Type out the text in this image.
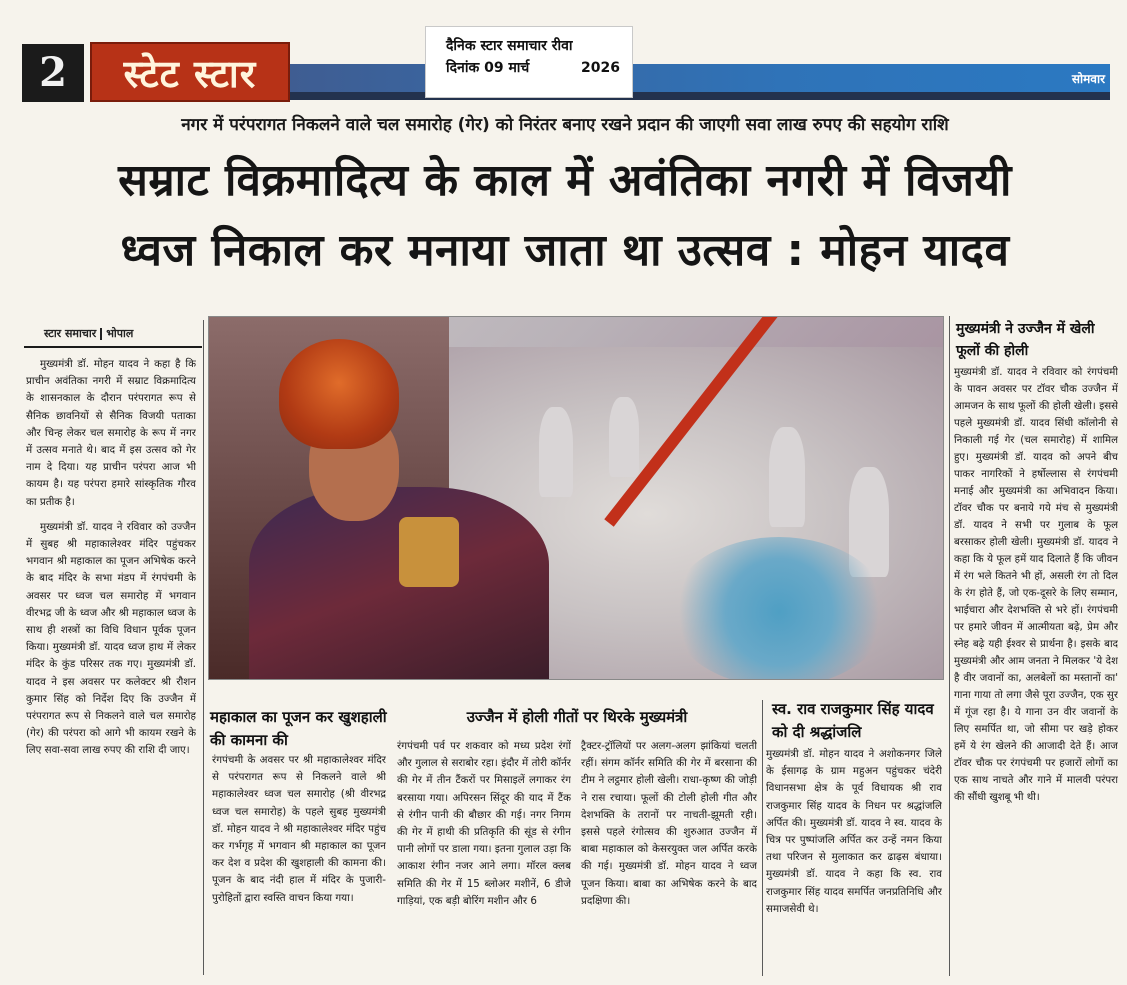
2	स्टेट स्टार	सोमवार
दैनिक स्टार समाचार रीवा
दिनांक 09 मार्च	2026
नगर में परंपरागत निकलने वाले चल समारोह (गेर) को निरंतर बनाए रखने प्रदान की जाएगी सवा लाख रुपए की सहयोग राशि
सम्राट विक्रमादित्य के काल में अवंतिका नगरी में विजयी
ध्वज निकाल कर मनाया जाता था उत्सव : मोहन यादव
स्टार समाचार भोपाल

मुख्यमंत्री डॉ. मोहन यादव ने कहा है कि प्राचीन अवंतिका नगरी में सम्राट विक्रमादित्य के शासनकाल के दौरान परंपरागत रूप से सैनिक छावनियों से सैनिक विजयी पताका और चिन्ह लेकर चल समारोह के रूप में नगर में उत्सव मनाते थे। बाद में इस उत्सव को गेर नाम दे दिया। यह प्राचीन परंपरा आज भी कायम है। यह परंपरा हमारे सांस्कृतिक गौरव का प्रतीक है।

मुख्यमंत्री डॉ. यादव ने रविवार को उज्जैन में सुबह श्री महाकालेश्वर मंदिर पहुंचकर भगवान श्री महाकाल का पूजन अभिषेक करने के बाद मंदिर के सभा मंडप में रंगपंचमी के अवसर पर ध्वज चल समारोह में भगवान वीरभद्र जी के ध्वज और श्री महाकाल ध्वज के साथ ही शस्त्रों का विधि विधान पूर्वक पूजन किया। मुख्यमंत्री डॉ. यादव ध्वज हाथ में लेकर मंदिर के कुंड परिसर तक गए। मुख्यमंत्री डॉ. यादव ने इस अवसर पर कलेक्टर श्री रौशन कुमार सिंह को निर्देश दिए कि उज्जैन में परंपरागत रूप से निकलने वाले चल समारोह (गेर) की परंपरा को आगे भी कायम रखने के लिए सवा-सवा लाख रुपए की राशि दी जाए।

मुख्यमंत्री ने उज्जैन में खेली फूलों की होली

मुख्यमंत्री डॉ. यादव ने रविवार को रंगपंचमी के पावन अवसर पर टॉवर चौक उज्जैन में आमजन के साथ फूलों की होली खेली। इससे पहले मुख्यमंत्री डॉ. यादव सिंधी कॉलोनी से निकाली गई गेर (चल समारोह) में शामिल हुए। मुख्यमंत्री डॉ. यादव को अपने बीच पाकर नागरिकों ने हर्षोल्लास से रंगपंचमी मनाई और मुख्यमंत्री का अभिवादन किया। टॉवर चौक पर बनाये गये मंच से मुख्यमंत्री डॉ. यादव ने सभी पर गुलाब के फूल बरसाकर होली खेली। मुख्यमंत्री डॉ. यादव ने कहा कि ये फूल हमें याद दिलाते हैं कि जीवन में रंग भले कितने भी हों, असली रंग तो दिल के रंग होते हैं, जो एक-दूसरे के लिए सम्मान, भाईचारा और देशभक्ति से भरे हों। रंगपंचमी पर हमारे जीवन में आत्मीयता बढ़े, प्रेम और स्नेह बढ़े यही ईश्वर से प्रार्थना है। इसके बाद मुख्यमंत्री और आम जनता ने मिलकर 'ये देश है वीर जवानों का, अलबेलों का मस्तानों का' गाना गाया तो लगा जैसे पूरा उज्जैन, एक सुर में गूंज रहा है। ये गाना उन वीर जवानों के लिए समर्पित था, जो सीमा पर खड़े होकर हमें ये रंग खेलने की आजादी देते हैं। आज टॉवर चौक पर रंगपंचमी पर हजारों लोगों का एक साथ नाचते और गाने में मालवी परंपरा की सौंधी खुशबू भी थी।

महाकाल का पूजन कर खुशहाली की कामना की
उज्जैन में होली गीतों पर थिरके मुख्यमंत्री	स्व. राव राजकुमार सिंह यादव को दी श्रद्धांजलि

रंगपंचमी के अवसर पर श्री महाकालेश्वर मंदिर से परंपरागत रूप से निकलने वाले श्री महाकालेश्वर ध्वज चल समारोह (श्री वीरभद्र ध्वज चल समारोह) के पहले सुबह मुख्यमंत्री डॉ. मोहन यादव ने श्री महाकालेश्वर मंदिर पहुंच कर गर्भगृह में भगवान श्री महाकाल का पूजन कर देश व प्रदेश की खुशहाली की कामना की। पूजन के बाद नंदी हाल में मंदिर के पुजारी-पुरोहितों द्वारा स्वस्ति वाचन किया गया।

रंगपंचमी पर्व पर शकवार को मध्य प्रदेश रंगों और गुलाल से सराबोर रहा। इंदौर में तोरी कॉर्नर की गेर में तीन टैंकरों पर मिसाइलें लगाकर रंग बरसाया गया। अपिरसन सिंदूर की याद में टैंक से रंगीन पानी की बौछार की गई। नगर निगम की गेर में हाथी की प्रतिकृति की सूंड से रंगीन पानी लोगों पर डाला गया। इतना गुलाल उड़ा कि आकाश रंगीन नजर आने लगा। मॉरल क्लब समिति की गेर में 15 ब्लोअर मशीनें, 6 डीजे गाड़ियां, एक बड़ी बोरिंग मशीन और 6

ट्रैक्टर-ट्रॉलियों पर अलग-अलग झांकियां चलती रहीं। संगम कॉर्नर समिति की गेर में बरसाना की टीम ने लट्ठमार होली खेली। राधा-कृष्ण की जोड़ी ने रास रचाया। फूलों की टोली होली गीत और देशभक्ति के तरानों पर नाचती-झूमती रही। इससे पहले रंगोत्सव की शुरुआत उज्जैन में बाबा महाकाल को केसरयुक्त जल अर्पित करके की गई। मुख्यमंत्री डॉ. मोहन यादव ने ध्वज पूजन किया। बाबा का अभिषेक करने के बाद प्रदक्षिणा की।

मुख्यमंत्री डॉ. मोहन यादव ने अशोकनगर जिले के ईसागढ़ के ग्राम महुअन पहुंचकर चंदेरी विधानसभा क्षेत्र के पूर्व विधायक श्री राव राजकुमार सिंह यादव के निधन पर श्रद्धांजलि अर्पित की। मुख्यमंत्री डॉ. यादव ने स्व. यादव के चित्र पर पुष्पांजलि अर्पित कर उन्हें नमन किया तथा परिजन से मुलाकात कर ढाढ़स बंधाया। मुख्यमंत्री डॉ. यादव ने कहा कि स्व. राव राजकुमार सिंह यादव समर्पित जनप्रतिनिधि और समाजसेवी थे।
